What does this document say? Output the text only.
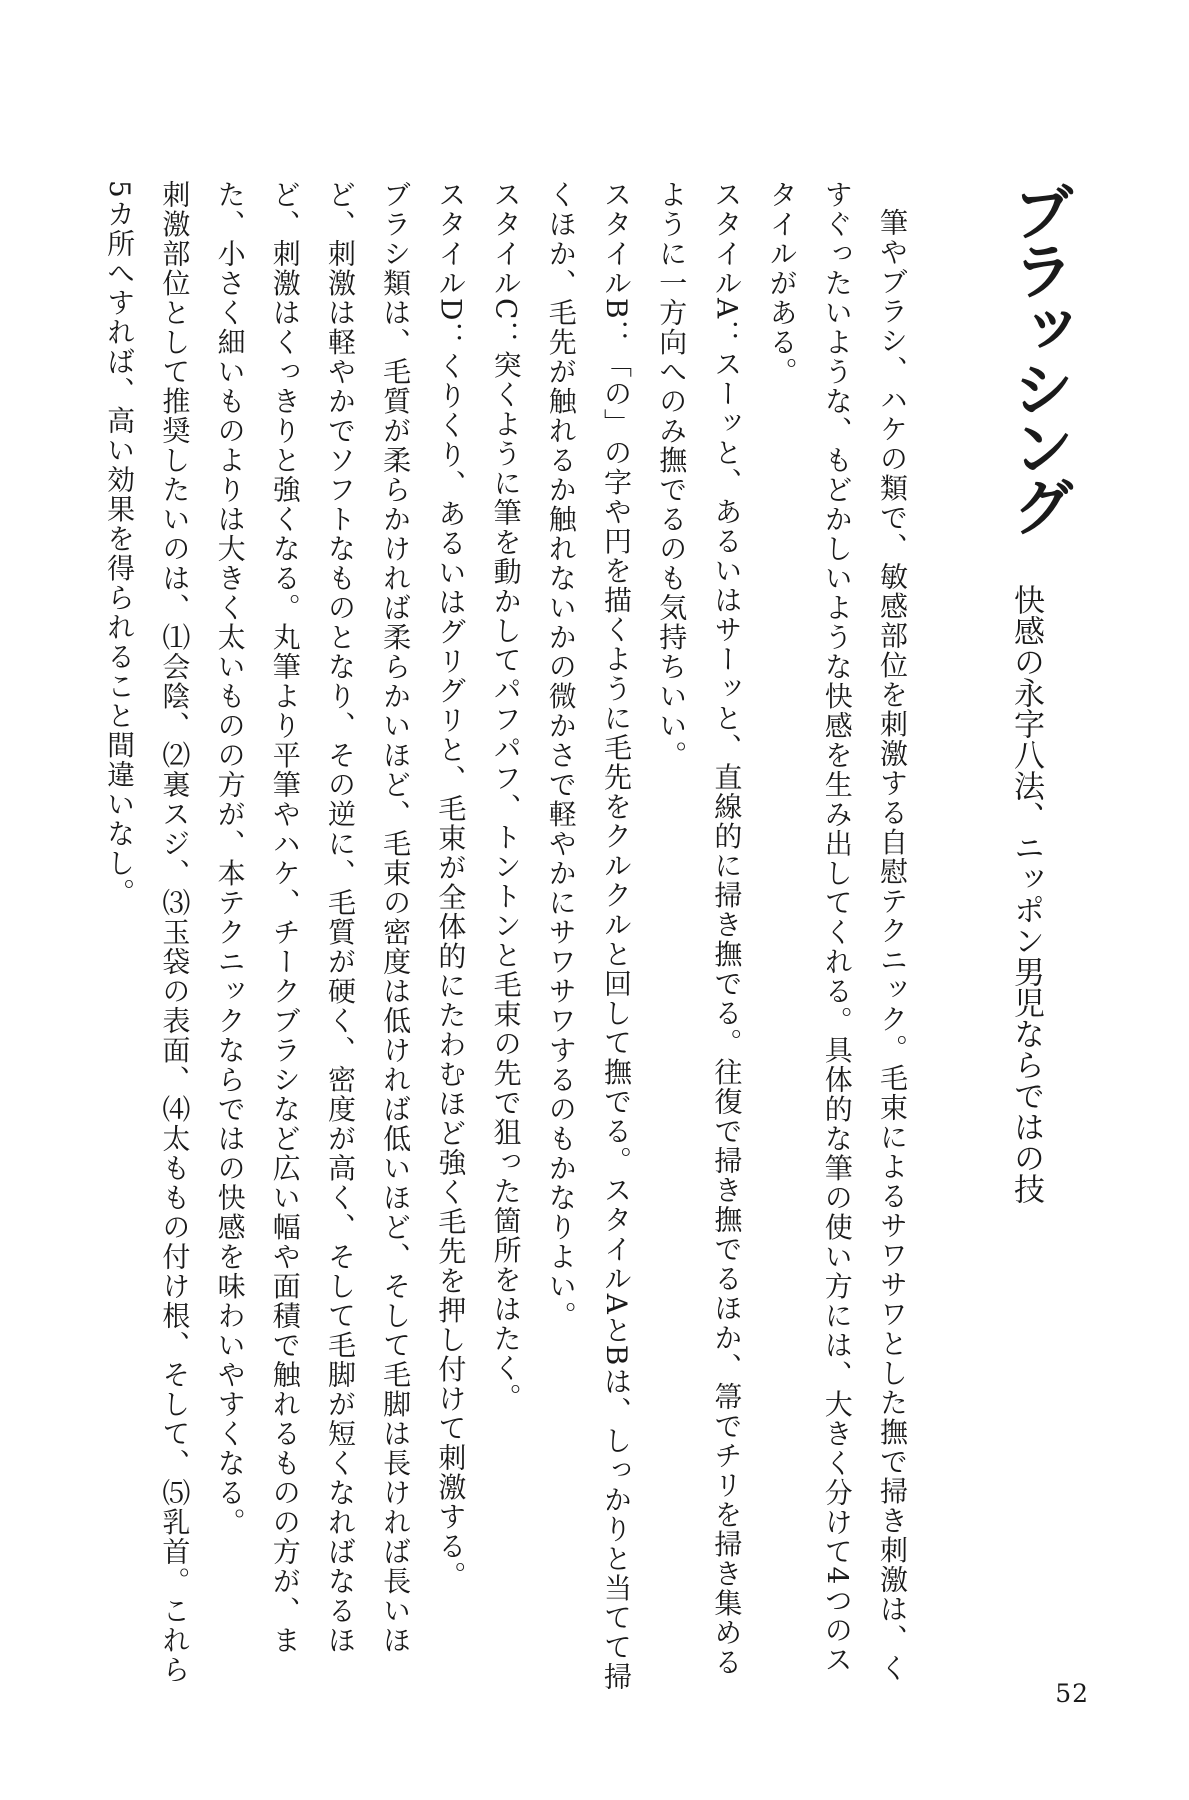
ブラッシング
快感の永字八法、ニッポン男児ならではの技

筆やブラシ、ハケの類で、敏感部位を刺激する自慰テクニック。毛束によるサワサワとした撫で掃き刺激は、くすぐったいような、もどかしいような快感を生み出してくれる。具体的な筆の使い方には、大きく分けて4つのスタイルがある。

スタイルA：スーッと、あるいはサーッと、直線的に掃き撫でる。往復で掃き撫でるほか、箒でチリを掃き集めるように一方向へのみ撫でるのも気持ちいい。

スタイルB：「の」の字や円を描くように毛先をクルクルと回して撫でる。スタイルAとBは、しっかりと当てて掃くほか、毛先が触れるか触れないかの微かさで軽やかにサワサワするのもかなりよい。

スタイルC：突くように筆を動かしてパフパフ、トントンと毛束の先で狙った箇所をはたく。

スタイルD：くりくり、あるいはグリグリと、毛束が全体的にたわむほど強く毛先を押し付けて刺激する。

ブラシ類は、毛質が柔らかければ柔らかいほど、毛束の密度は低ければ低いほど、そして毛脚は長ければ長いほど、刺激は軽やかでソフトなものとなり、その逆に、毛質が硬く、密度が高く、そして毛脚が短くなればなるほど、刺激はくっきりと強くなる。丸筆より平筆やハケ、チークブラシなど広い幅や面積で触れるものの方が、また、小さく細いものよりは大きく太いものの方が、本テクニックならではの快感を味わいやすくなる。

刺激部位として推奨したいのは、⑴会陰、⑵裏スジ、⑶玉袋の表面、⑷太ももの付け根、そして、⑸乳首。これら5カ所へすれば、高い効果を得られること間違いなし。

52
